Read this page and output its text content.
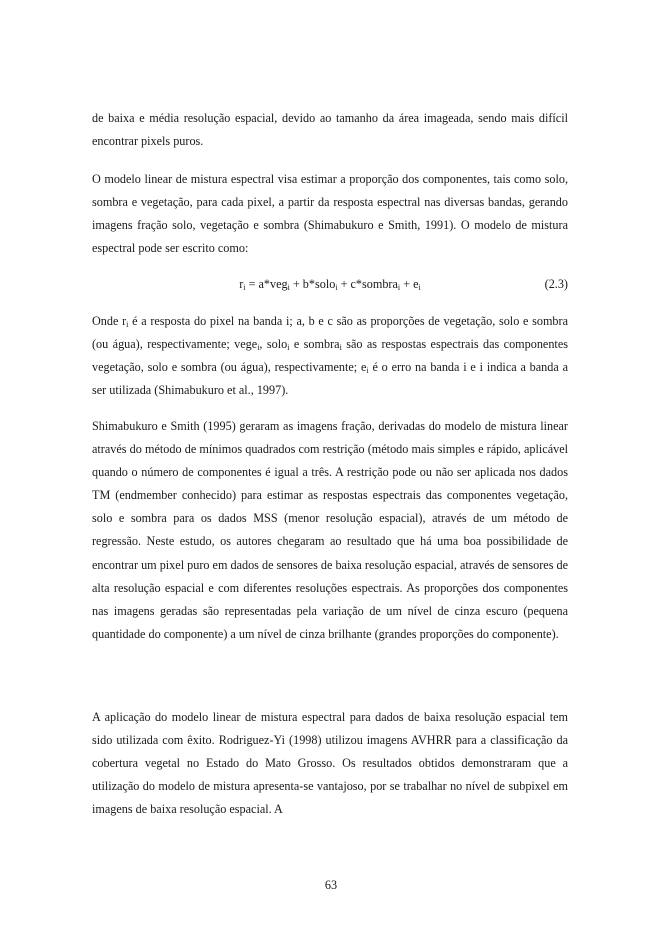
de baixa e média resolução espacial, devido ao tamanho da área imageada, sendo mais difícil encontrar pixels puros.

O modelo linear de mistura espectral visa estimar a proporção dos componentes, tais como solo, sombra e vegetação, para cada pixel, a partir da resposta espectral nas diversas bandas, gerando imagens fração solo, vegetação e sombra (Shimabukuro e Smith, 1991). O modelo de mistura espectral pode ser escrito como:

$r_i = a*veg_i$ + b*solo$_i$ + c*sombra$_i$ + $e_i$	(2.3)

Onde $r_i$ é a resposta do pixel na banda i; a, b e c são as proporções de vegetação, solo e sombra (ou água), respectivamente; vege$_i$, solo$_i$ e sombra$_i$ são as respostas espectrais das componentes vegetação, solo e sombra (ou água), respectivamente; $e_i$ é o erro na banda i e i indica a banda a ser utilizada (Shimabukuro et al., 1997).

Shimabukuro e Smith (1995) geraram as imagens fração, derivadas do modelo de mistura linear através do método de mínimos quadrados com restrição (método mais simples e rápido, aplicável quando o número de componentes é igual a três. A restrição pode ou não ser aplicada nos dados TM (endmember conhecido) para estimar as respostas espectrais das componentes vegetação, solo e sombra para os dados MSS (menor resolução espacial), através de um método de regressão. Neste estudo, os autores chegaram ao resultado que há uma boa possibilidade de encontrar um pixel puro em dados de sensores de baixa resolução espacial, através de sensores de alta resolução espacial e com diferentes resoluções espectrais. As proporções dos componentes nas imagens geradas são representadas pela variação de um nível de cinza escuro (pequena quantidade do componente) a um nível de cinza brilhante (grandes proporções do componente).

A aplicação do modelo linear de mistura espectral para dados de baixa resolução espacial tem sido utilizada com êxito. Rodriguez-Yi (1998) utilizou imagens AVHRR para a classificação da cobertura vegetal no Estado do Mato Grosso. Os resultados obtidos demonstraram que a utilização do modelo de mistura apresenta-se vantajoso, por se trabalhar no nível de subpixel em imagens de baixa resolução espacial. A

63
